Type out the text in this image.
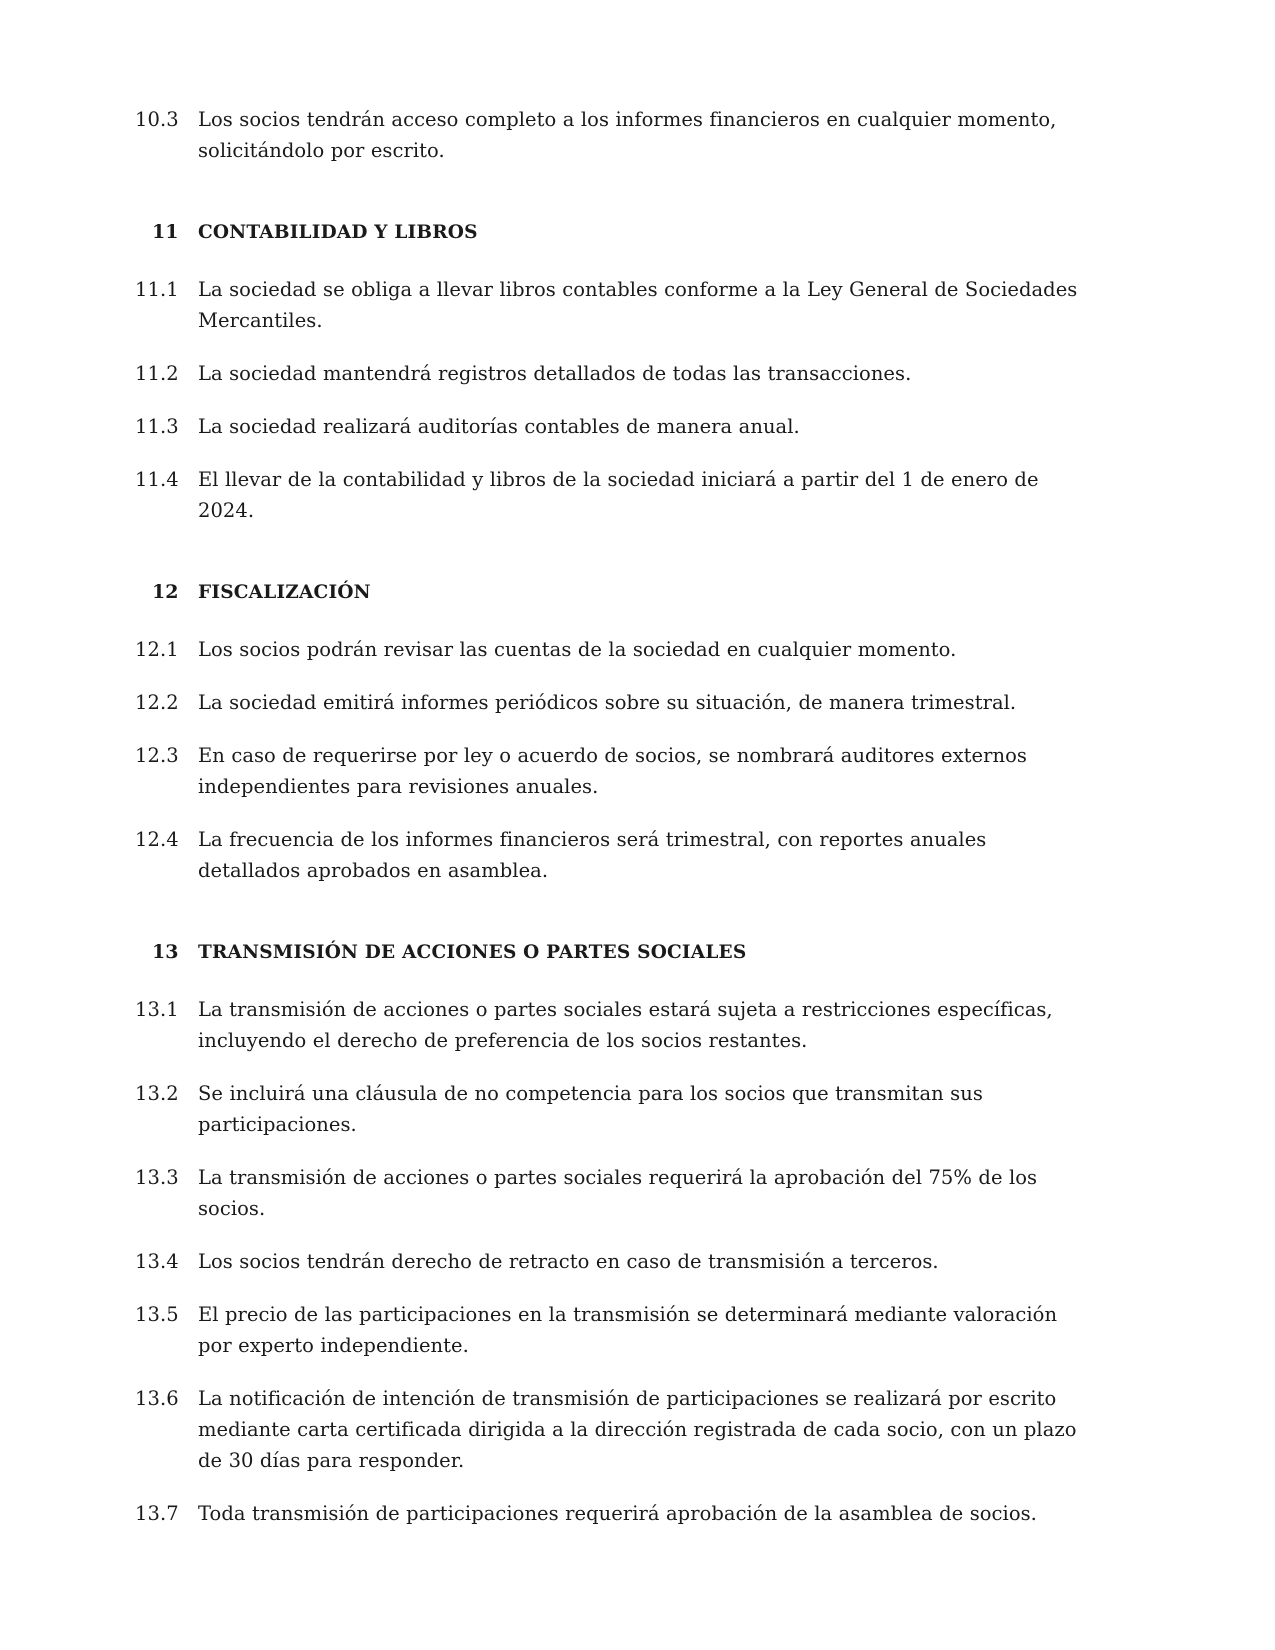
10.3 Los socios tendrán acceso completo a los informes financieros en cualquier momento, solicitándolo por escrito.
11	CONTABILIDAD Y LIBROS
11.1 La sociedad se obliga a llevar libros contables conforme a la Ley General de Sociedades Mercantiles.
11.2 La sociedad mantendrá registros detallados de todas las transacciones.
11.3 La sociedad realizará auditorías contables de manera anual.
11.4 El llevar de la contabilidad y libros de la sociedad iniciará a partir del 1 de enero de 2024.
12	FISCALIZACIÓN
12.1 Los socios podrán revisar las cuentas de la sociedad en cualquier momento.
12.2 La sociedad emitirá informes periódicos sobre su situación, de manera trimestral.
12.3 En caso de requerirse por ley o acuerdo de socios, se nombrará auditores externos independientes para revisiones anuales.
12.4 La frecuencia de los informes financieros será trimestral, con reportes anuales detallados aprobados en asamblea.
13	TRANSMISIÓN DE ACCIONES O PARTES SOCIALES
13.1 La transmisión de acciones o partes sociales estará sujeta a restricciones específicas, incluyendo el derecho de preferencia de los socios restantes.
13.2 Se incluirá una cláusula de no competencia para los socios que transmitan sus participaciones.
13.3 La transmisión de acciones o partes sociales requerirá la aprobación del 75% de los socios.
13.4 Los socios tendrán derecho de retracto en caso de transmisión a terceros.
13.5 El precio de las participaciones en la transmisión se determinará mediante valoración por experto independiente.
13.6 La notificación de intención de transmisión de participaciones se realizará por escrito mediante carta certificada dirigida a la dirección registrada de cada socio, con un plazo de 30 días para responder.
13.7 Toda transmisión de participaciones requerirá aprobación de la asamblea de socios.
